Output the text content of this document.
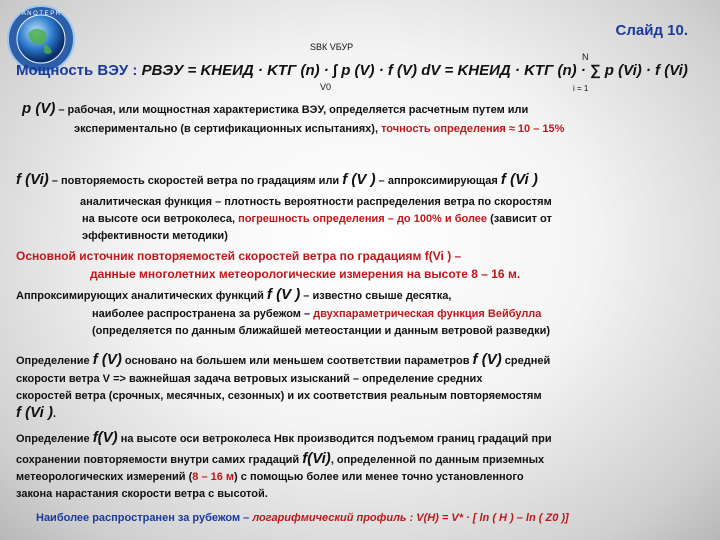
A N O T E P R
Слайд 10.
SВК VБУР
N
Мощность ВЭУ : PВЭУ = KНЕИД · KТГ (n) · ∫ p (V) · f (V) dV = KНЕИД · KТГ (n) · ∑ p (Vi) · f (Vi)
V0	i = 1
p (V) – рабочая, или мощностная характеристика ВЭУ, определяется расчетным путем или
экспериментально (в сертификационных испытаниях), точность определения ≈ 10 – 15%
f (Vi) – повторяемость скоростей ветра по градациям или f (V ) – аппроксимирующая f (Vi )
аналитическая функция – плотность вероятности распределения ветра по скоростям
на высоте оси ветроколеса, погрешность определения – до 100% и более (зависит от
эффективности методики)
Основной источник повторяемостей скоростей ветра по градациям f(Vi ) –
данные многолетних метеорологические измерения на высоте 8 – 16 м.
Аппроксимирующих аналитических функций f (V ) – известно свыше десятка,
наиболее распространена за рубежом – двухпараметрическая функция Вейбулла
(определяется по данным ближайшей метеостанции и данным ветровой разведки)
Определение f (V) основано на большем или меньшем соответствии параметров f (V) средней
скорости ветра V => важнейшая задача ветровых изысканий – определение средних
скоростей ветра (срочных, месячных, сезонных) и их соответствия реальным повторяемостям
f (Vi ).
Определение f(V) на высоте оси ветроколеса Hвк производится подъемом границ градаций при
сохранении повторяемости внутри самих градаций f(Vi), определенной по данным приземных
метеорологических измерений (8 – 16 м) с помощью более или менее точно установленного
закона нарастания скорости ветра с высотой.
Наиболее распространен за рубежом – логарифмический профиль : V(H) = V* · [ ln ( H ) – ln ( Z0 )]
